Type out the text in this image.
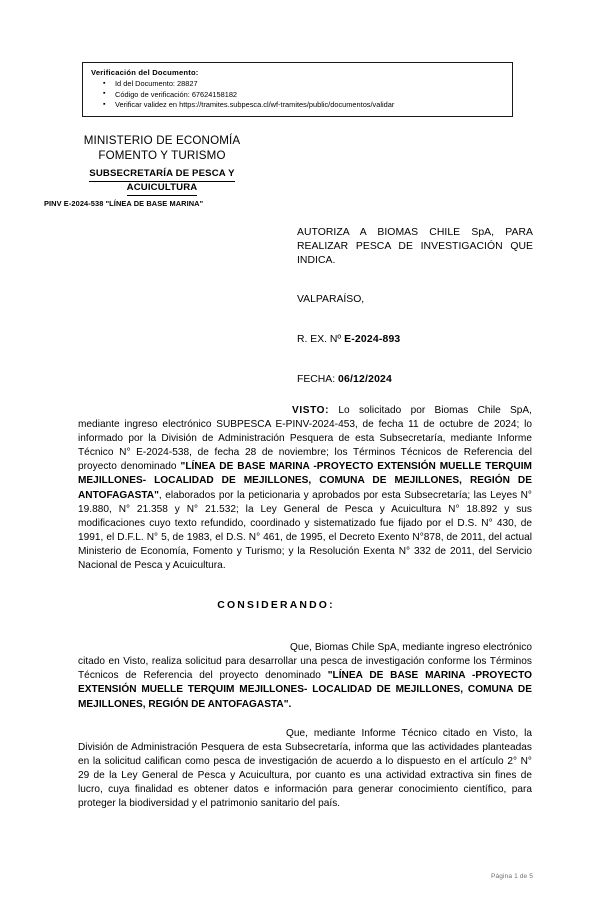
Verificación del Documento:
▪ Id del Documento: 28827
▪ Código de verificación: 67624158182
▪ Verificar validez en https://tramites.subpesca.cl/wf-tramites/public/documentos/validar
MINISTERIO DE ECONOMÍA
FOMENTO Y TURISMO
SUBSECRETARÍA DE PESCA Y
ACUICULTURA
PINV E-2024-538 "LÍNEA DE BASE MARINA"
AUTORIZA A BIOMAS CHILE SpA, PARA REALIZAR PESCA DE INVESTIGACIÓN QUE INDICA.
VALPARAÍSO,
R. EX. Nº E-2024-893
FECHA: 06/12/2024

VISTO: Lo solicitado por Biomas Chile SpA, mediante ingreso electrónico SUBPESCA E-PINV-2024-453, de fecha 11 de octubre de 2024; lo informado por la División de Administración Pesquera de esta Subsecretaría, mediante Informe Técnico N° E-2024-538, de fecha 28 de noviembre; los Términos Técnicos de Referencia del proyecto denominado "LÍNEA DE BASE MARINA -PROYECTO EXTENSIÓN MUELLE TERQUIM MEJILLONES- LOCALIDAD DE MEJILLONES, COMUNA DE MEJILLONES, REGIÓN DE ANTOFAGASTA", elaborados por la peticionaria y aprobados por esta Subsecretaría; las Leyes N° 19.880, N° 21.358 y N° 21.532; la Ley General de Pesca y Acuicultura N° 18.892 y sus modificaciones cuyo texto refundido, coordinado y sistematizado fue fijado por el D.S. N° 430, de 1991, el D.F.L. N° 5, de 1983, el D.S. N° 461, de 1995, el Decreto Exento N°878, de 2011, del actual Ministerio de Economía, Fomento y Turismo; y la Resolución Exenta N° 332 de 2011, del Servicio Nacional de Pesca y Acuicultura.

CONSIDERANDO:

Que, Biomas Chile SpA, mediante ingreso electrónico citado en Visto, realiza solicitud para desarrollar una pesca de investigación conforme los Términos Técnicos de Referencia del proyecto denominado "LÍNEA DE BASE MARINA -PROYECTO EXTENSIÓN MUELLE TERQUIM MEJILLONES- LOCALIDAD DE MEJILLONES, COMUNA DE MEJILLONES, REGIÓN DE ANTOFAGASTA".

Que, mediante Informe Técnico citado en Visto, la División de Administración Pesquera de esta Subsecretaría, informa que las actividades planteadas en la solicitud califican como pesca de investigación de acuerdo a lo dispuesto en el artículo 2° N° 29 de la Ley General de Pesca y Acuicultura, por cuanto es una actividad extractiva sin fines de lucro, cuya finalidad es obtener datos e información para generar conocimiento científico, para proteger la biodiversidad y el patrimonio sanitario del país.

Página 1 de 5
